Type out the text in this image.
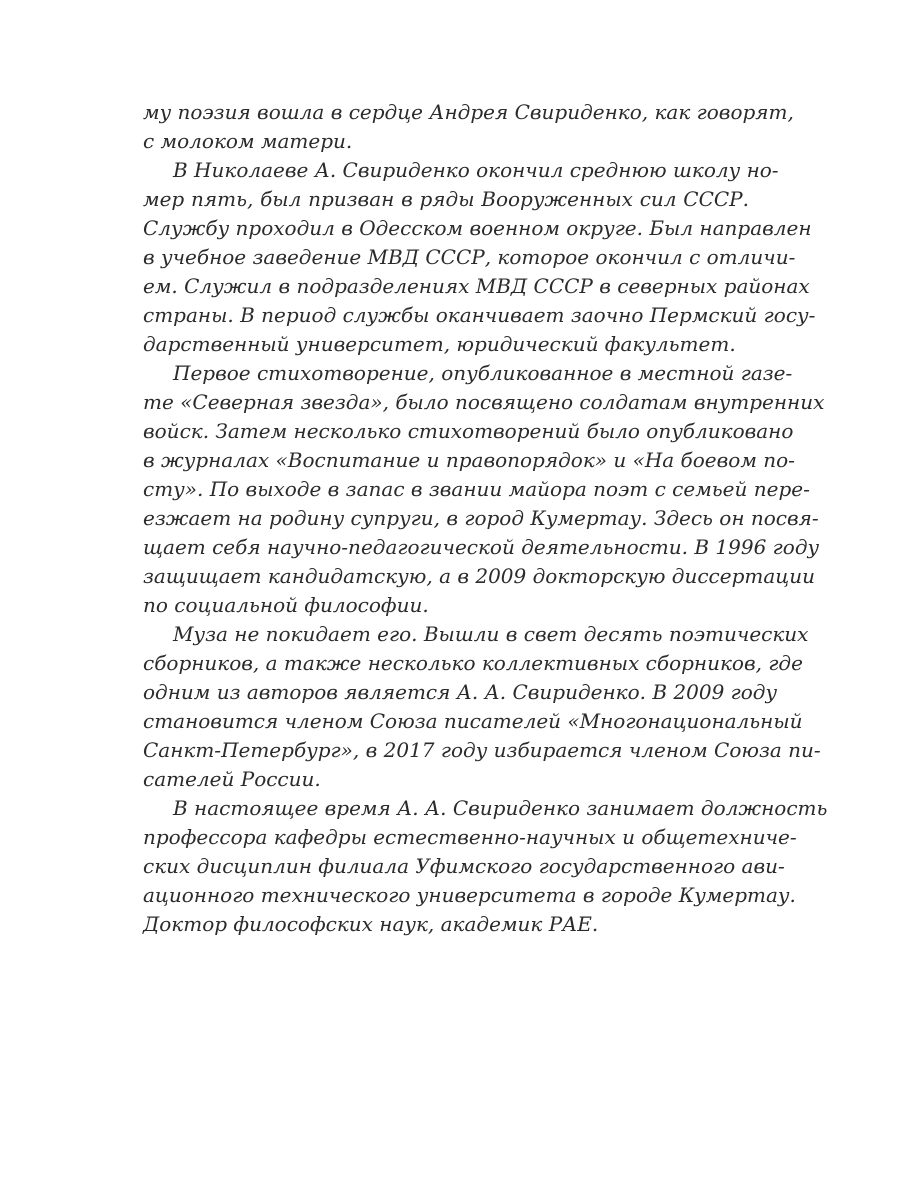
му поэзия вошла в сердце Андрея Свириденко, как говорят,
с молоком матери.
В Николаеве А. Свириденко окончил среднюю школу но-
мер пять, был призван в ряды Вооруженных сил СССР.
Службу проходил в Одесском военном округе. Был направлен
в учебное заведение МВД СССР, которое окончил с отличи-
ем. Служил в подразделениях МВД СССР в северных районах
страны. В период службы оканчивает заочно Пермский госу-
дарственный университет, юридический факультет.
Первое стихотворение, опубликованное в местной газе-
те «Северная звезда», было посвящено солдатам внутренних
войск. Затем несколько стихотворений было опубликовано
в журналах «Воспитание и правопорядок» и «На боевом по-
сту». По выходе в запас в звании майора поэт с семьей пере-
езжает на родину супруги, в город Кумертау. Здесь он посвя-
щает себя научно-педагогической деятельности. В 1996 году
защищает кандидатскую, а в 2009 докторскую диссертации
по социальной философии.
Муза не покидает его. Вышли в свет десять поэтических
сборников, а также несколько коллективных сборников, где
одним из авторов является А. А. Свириденко. В 2009 году
становится членом Союза писателей «Многонациональный
Санкт-Петербург», в 2017 году избирается членом Союза пи-
сателей России.
В настоящее время А. А. Свириденко занимает должность
профессора кафедры естественно-научных и общетехниче-
ских дисциплин филиала Уфимского государственного ави-
ационного технического университета в городе Кумертау.
Доктор философских наук, академик РАЕ.
